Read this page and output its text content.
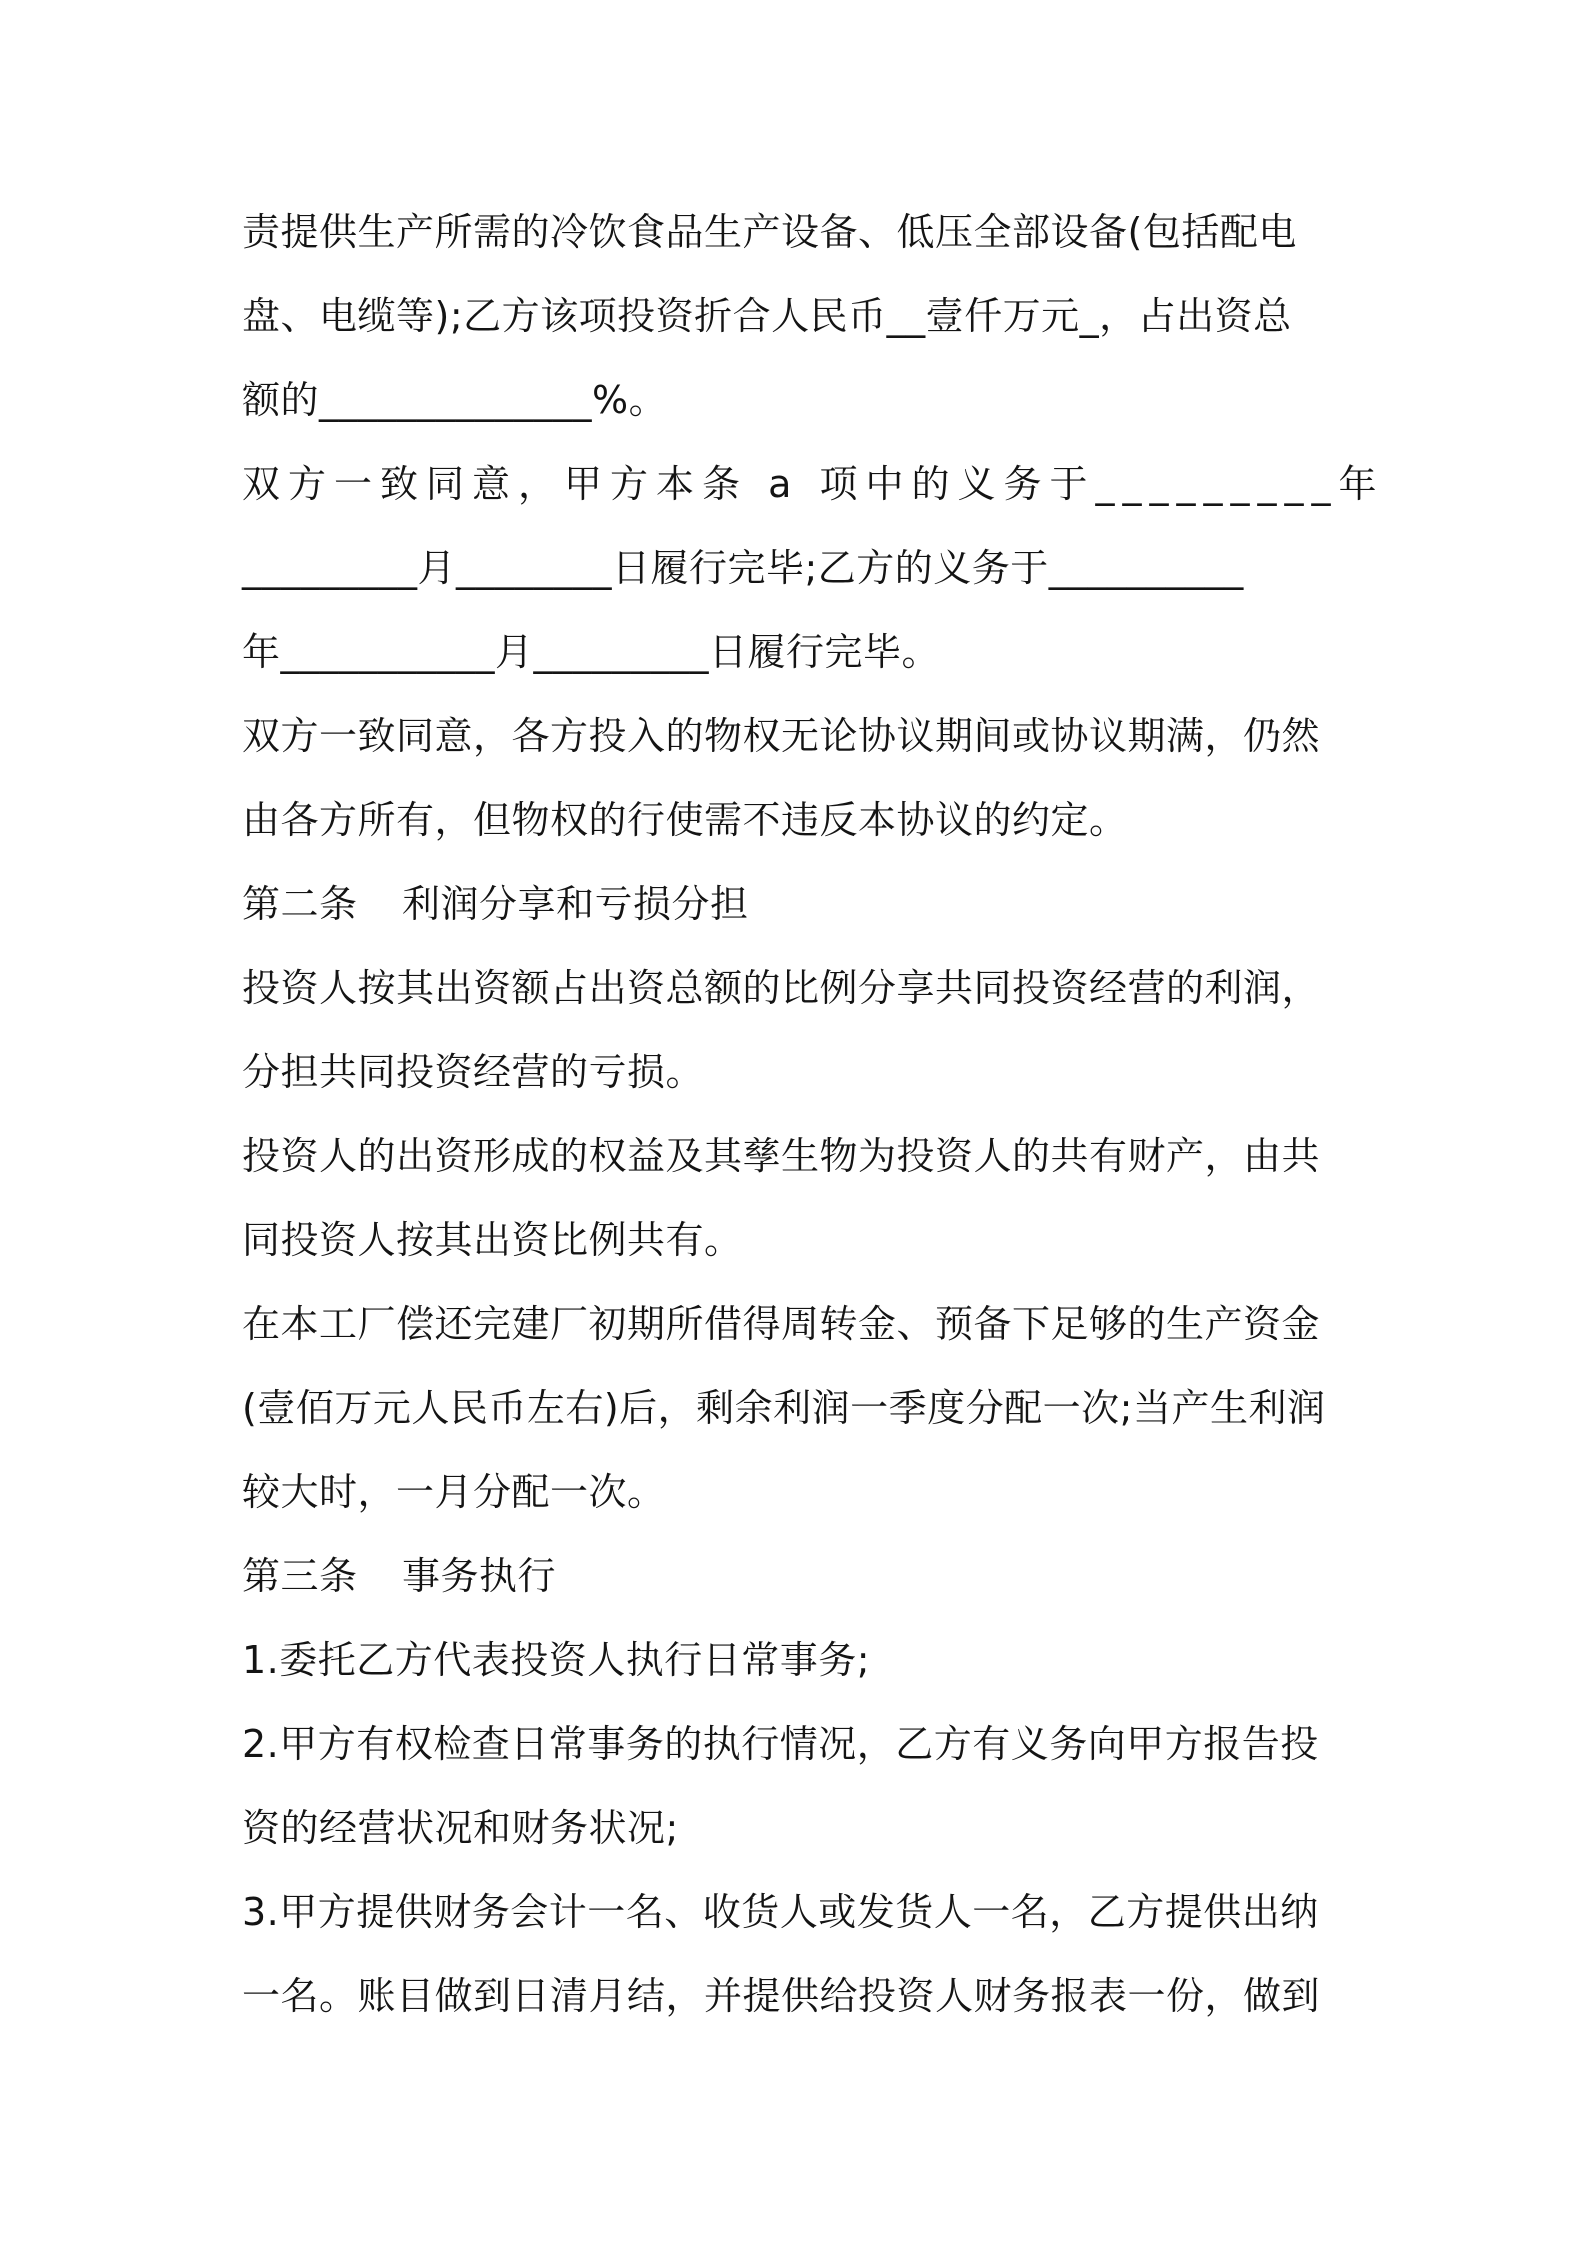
责提供生产所需的冷饮食品生产设备、低压全部设备(包括配电
盘、电缆等);乙方该项投资折合人民币__壹仟万元_，占出资总
额的______________%。

双方一致同意，甲方本条 a 项中的义务于_________年
_________月________日履行完毕;乙方的义务于__________
年___________月_________日履行完毕。

双方一致同意，各方投入的物权无论协议期间或协议期满，仍然
由各方所有，但物权的行使需不违反本协议的约定。

第二条 利润分享和亏损分担

投资人按其出资额占出资总额的比例分享共同投资经营的利润，
分担共同投资经营的亏损。

投资人的出资形成的权益及其孳生物为投资人的共有财产，由共
同投资人按其出资比例共有。

在本工厂偿还完建厂初期所借得周转金、预备下足够的生产资金
(壹佰万元人民币左右)后，剩余利润一季度分配一次;当产生利润
较大时，一月分配一次。

第三条 事务执行

1.委托乙方代表投资人执行日常事务;

2.甲方有权检查日常事务的执行情况，乙方有义务向甲方报告投
资的经营状况和财务状况;

3.甲方提供财务会计一名、收货人或发货人一名，乙方提供出纳
一名。账目做到日清月结，并提供给投资人财务报表一份，做到
